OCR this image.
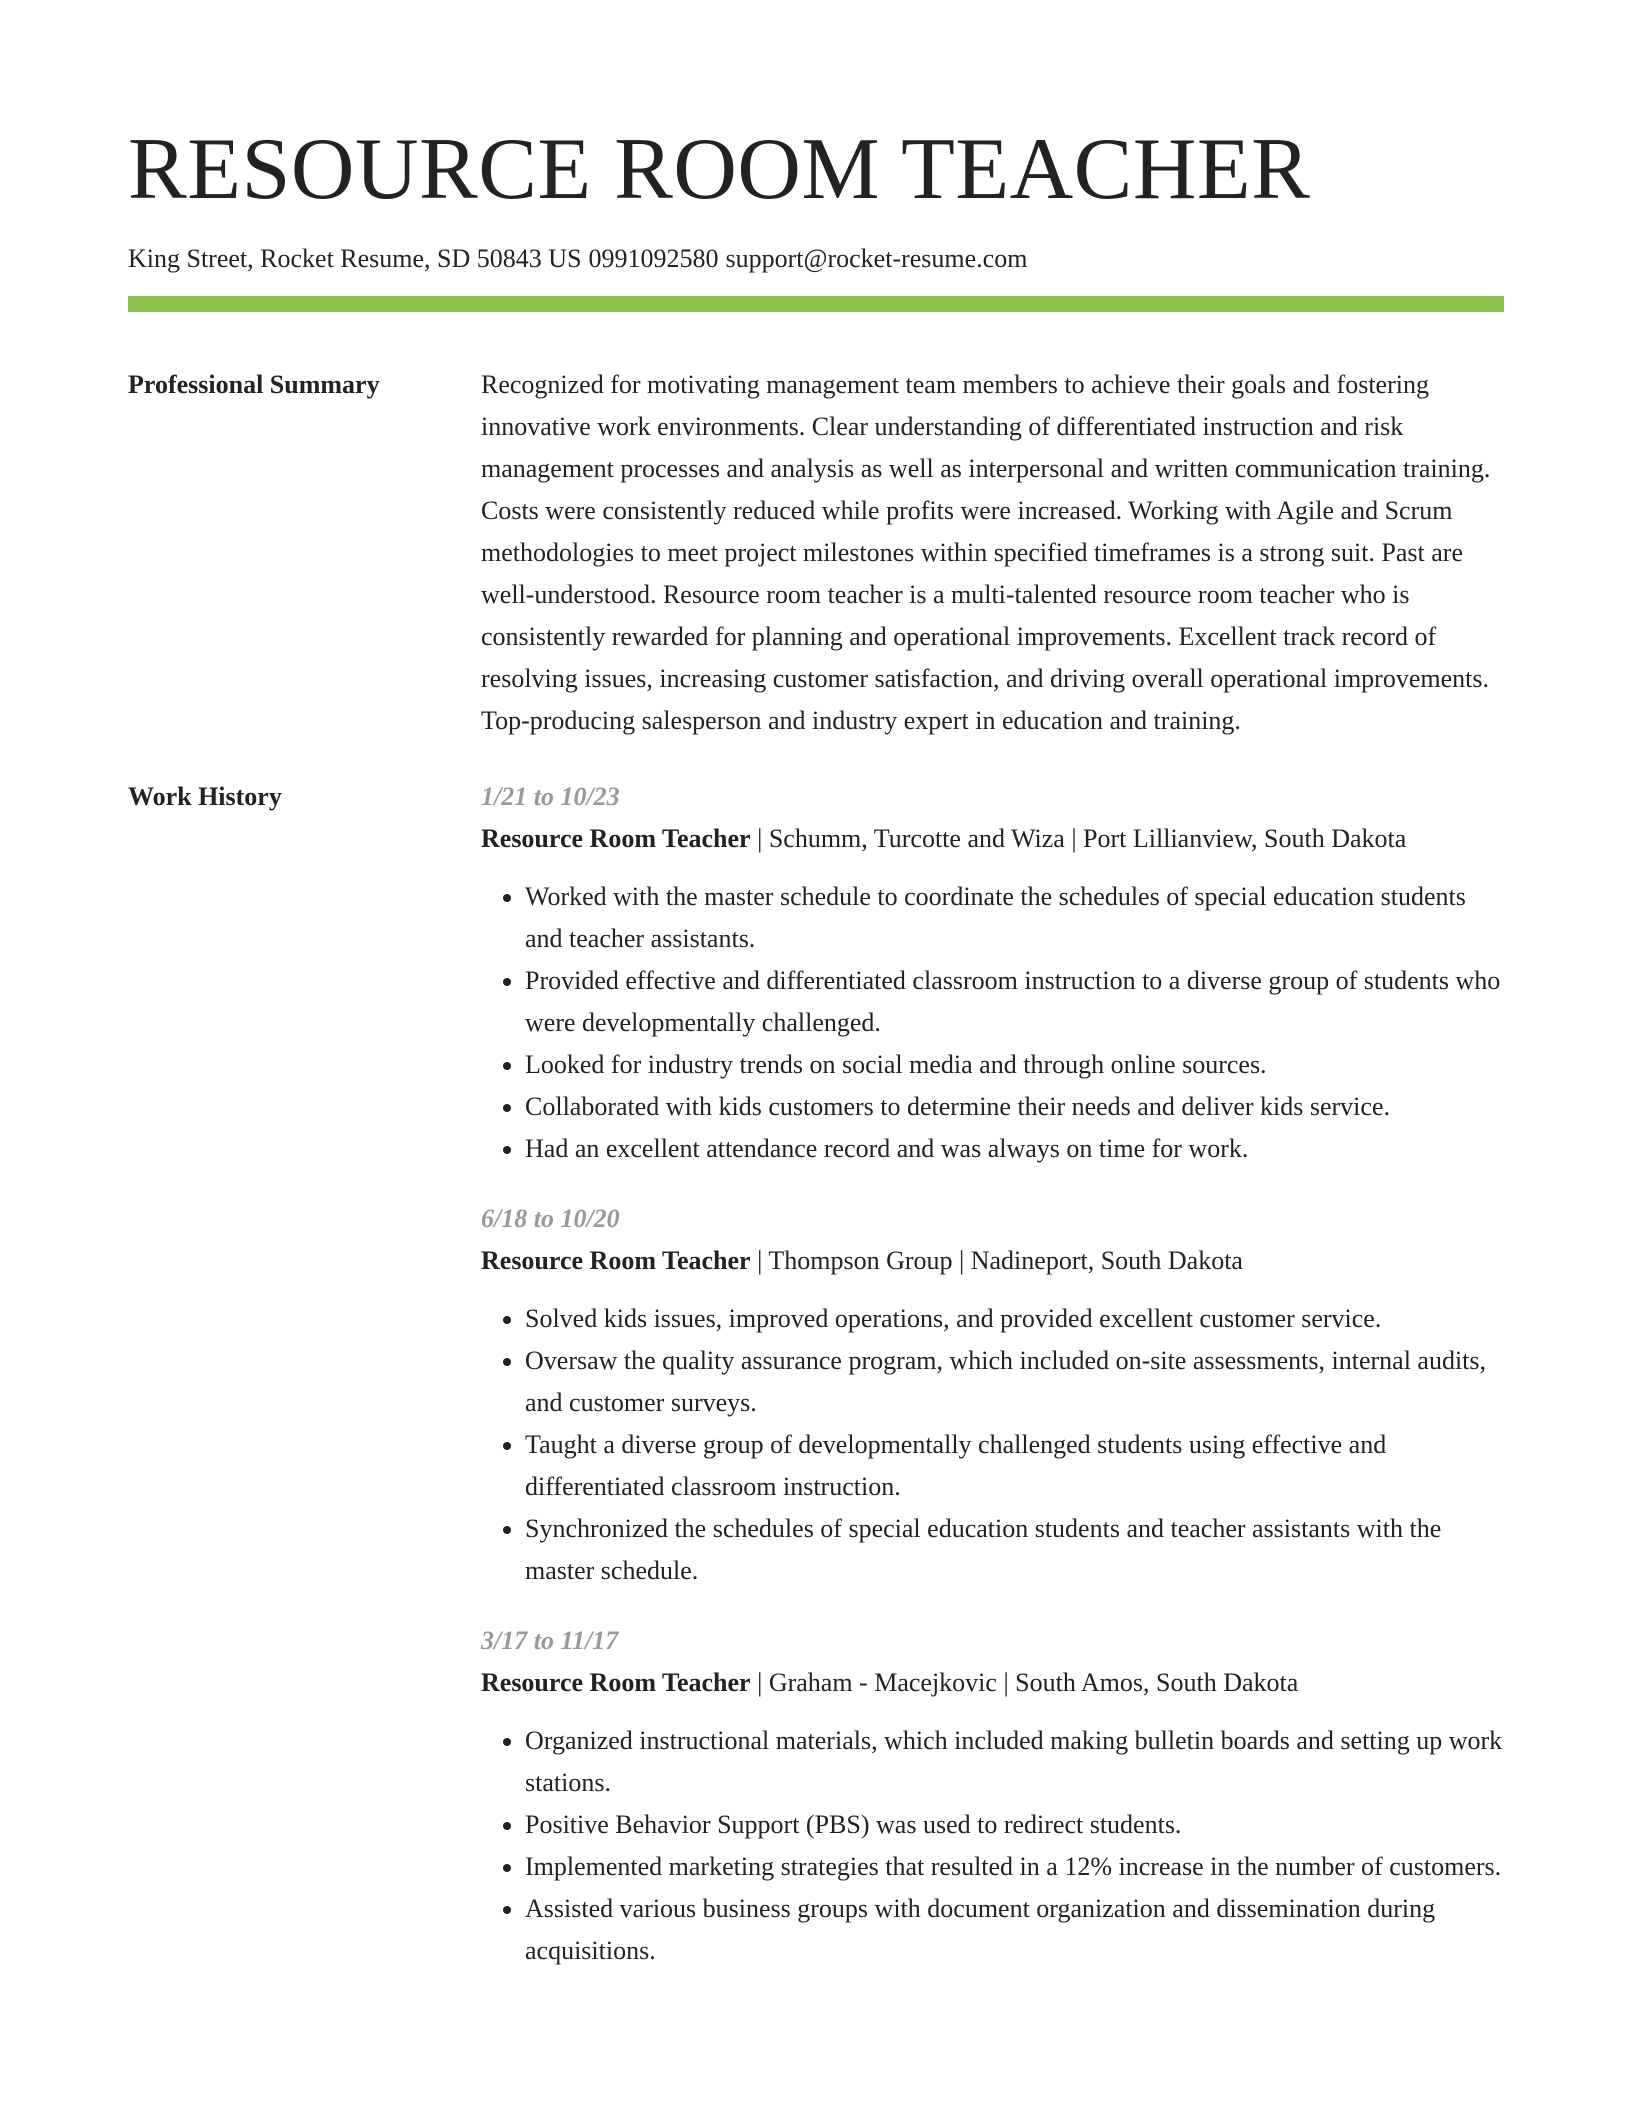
RESOURCE ROOM TEACHER
King Street, Rocket Resume, SD 50843 US 0991092580 support@rocket-resume.com
Professional Summary	Recognized for motivating management team members to achieve their goals and fostering innovative work environments. Clear understanding of differentiated instruction and risk management processes and analysis as well as interpersonal and written communication training. Costs were consistently reduced while profits were increased. Working with Agile and Scrum methodologies to meet project milestones within specified timeframes is a strong suit. Past are well-understood. Resource room teacher is a multi-talented resource room teacher who is consistently rewarded for planning and operational improvements. Excellent track record of resolving issues, increasing customer satisfaction, and driving overall operational improvements. Top-producing salesperson and industry expert in education and training.

Work History	1/21 to 10/23
Resource Room Teacher | Schumm, Turcotte and Wiza | Port Lillianview, South Dakota
• Worked with the master schedule to coordinate the schedules of special education students and teacher assistants.
• Provided effective and differentiated classroom instruction to a diverse group of students who were developmentally challenged.
• Looked for industry trends on social media and through online sources.
• Collaborated with kids customers to determine their needs and deliver kids service.
• Had an excellent attendance record and was always on time for work.
6/18 to 10/20
Resource Room Teacher | Thompson Group | Nadineport, South Dakota
• Solved kids issues, improved operations, and provided excellent customer service.
• Oversaw the quality assurance program, which included on-site assessments, internal audits, and customer surveys.
• Taught a diverse group of developmentally challenged students using effective and differentiated classroom instruction.
• Synchronized the schedules of special education students and teacher assistants with the master schedule.
3/17 to 11/17
Resource Room Teacher | Graham - Macejkovic | South Amos, South Dakota
• Organized instructional materials, which included making bulletin boards and setting up work stations.
• Positive Behavior Support (PBS) was used to redirect students.
• Implemented marketing strategies that resulted in a 12% increase in the number of customers.
• Assisted various business groups with document organization and dissemination during acquisitions.
